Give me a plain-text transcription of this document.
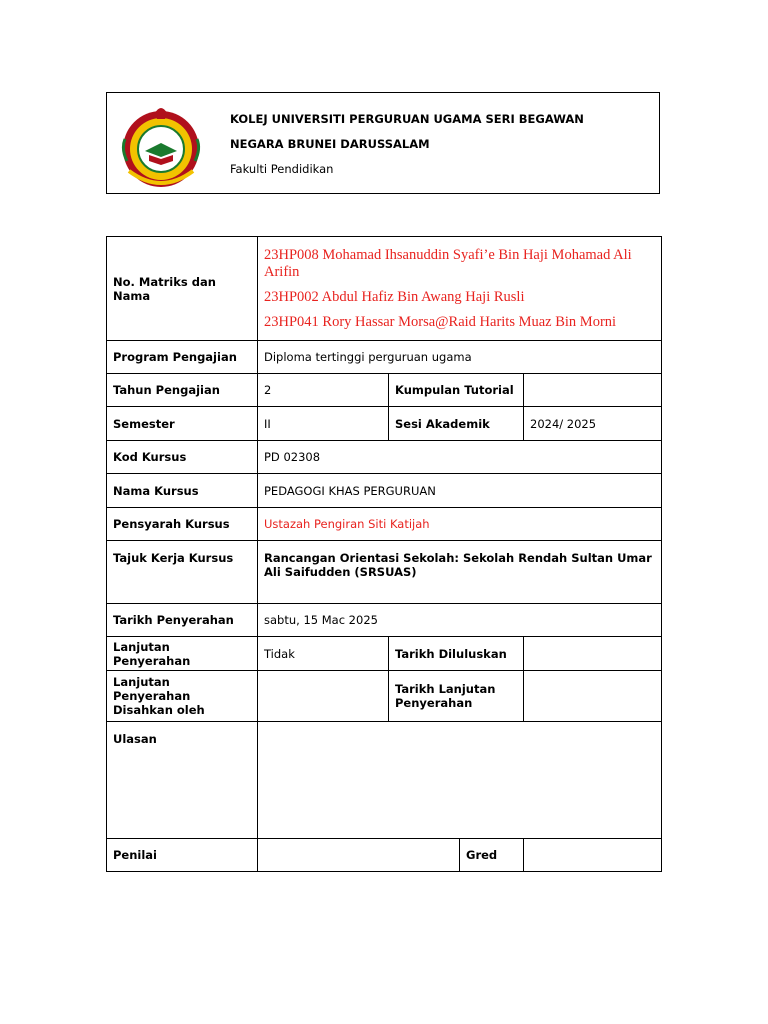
KOLEJ UNIVERSITI PERGURUAN UGAMA SERI BEGAWAN
NEGARA BRUNEI DARUSSALAM
Fakulti Pendidikan
No. Matriks dan Nama	23HP008 Mohamad Ihsanuddin Syafi’e Bin Haji Mohamad Ali Arifin

23HP002 Abdul Hafiz Bin Awang Haji Rusli

23HP041 Rory Hassar Morsa@Raid Harits Muaz Bin Morni			

Program Pengajian	Diploma tertinggi perguruan ugama			
Tahun Pengajian	2	Kumpulan Tutorial		
Semester	II	Sesi Akademik		2024/ 2025
Kod Kursus	PD 02308			
Nama Kursus	PEDAGOGI KHAS PERGURUAN			
Pensyarah Kursus	Ustazah Pengiran Siti Katijah			
Tajuk Kerja Kursus	Rancangan Orientasi Sekolah: Sekolah Rendah Sultan Umar Ali Saifudden (SRSUAS)			
Tarikh Penyerahan	sabtu, 15 Mac 2025			
Lanjutan Penyerahan	Tidak	Tarikh Diluluskan		
Lanjutan Penyerahan Disahkan oleh		Tarikh Lanjutan Penyerahan		
Ulasan				
Penilai			Gred	
